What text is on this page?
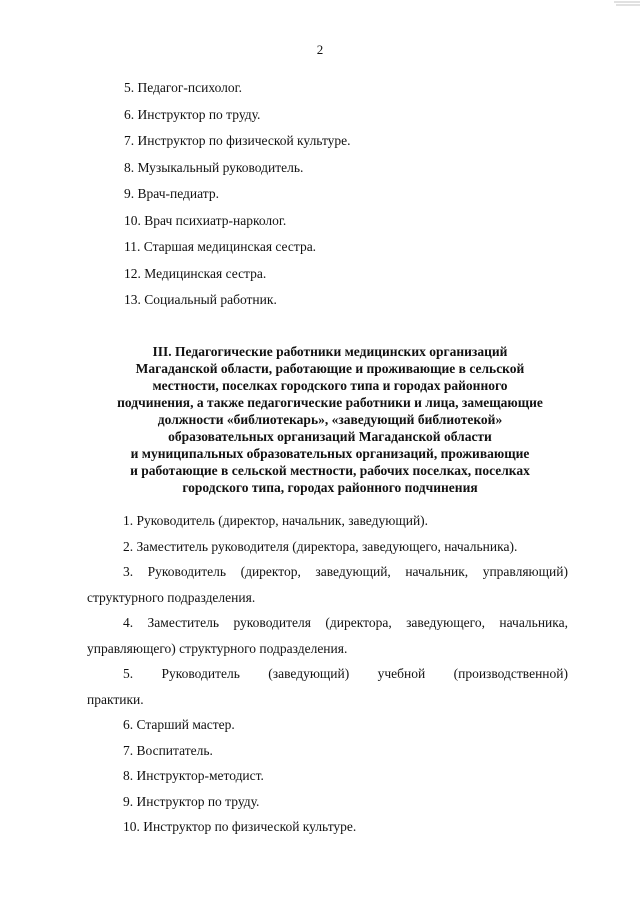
2
5. Педагог-психолог.
6. Инструктор по труду.
7. Инструктор по физической культуре.
8. Музыкальный руководитель.
9. Врач-педиатр.
10. Врач психиатр-нарколог.
11. Старшая медицинская сестра.
12. Медицинская сестра.
13. Социальный работник.
III. Педагогические работники медицинских организаций
Магаданской области, работающие и проживающие в сельской
местности, поселках городского типа и городах районного
подчинения, а также педагогические работники и лица, замещающие
должности «библиотекарь», «заведующий библиотекой»
образовательных организаций Магаданской области
и муниципальных образовательных организаций, проживающие
и работающие в сельской местности, рабочих поселках, поселках
городского типа, городах районного подчинения
1. Руководитель (директор, начальник, заведующий).
2. Заместитель руководителя (директора, заведующего, начальника).
3. Руководитель (директор, заведующий, начальник, управляющий)
структурного подразделения.
4. Заместитель руководителя (директора, заведующего, начальника,
управляющего) структурного подразделения.
5. Руководитель (заведующий) учебной (производственной)
практики.
6. Старший мастер.
7. Воспитатель.
8. Инструктор-методист.
9. Инструктор по труду.
10. Инструктор по физической культуре.
